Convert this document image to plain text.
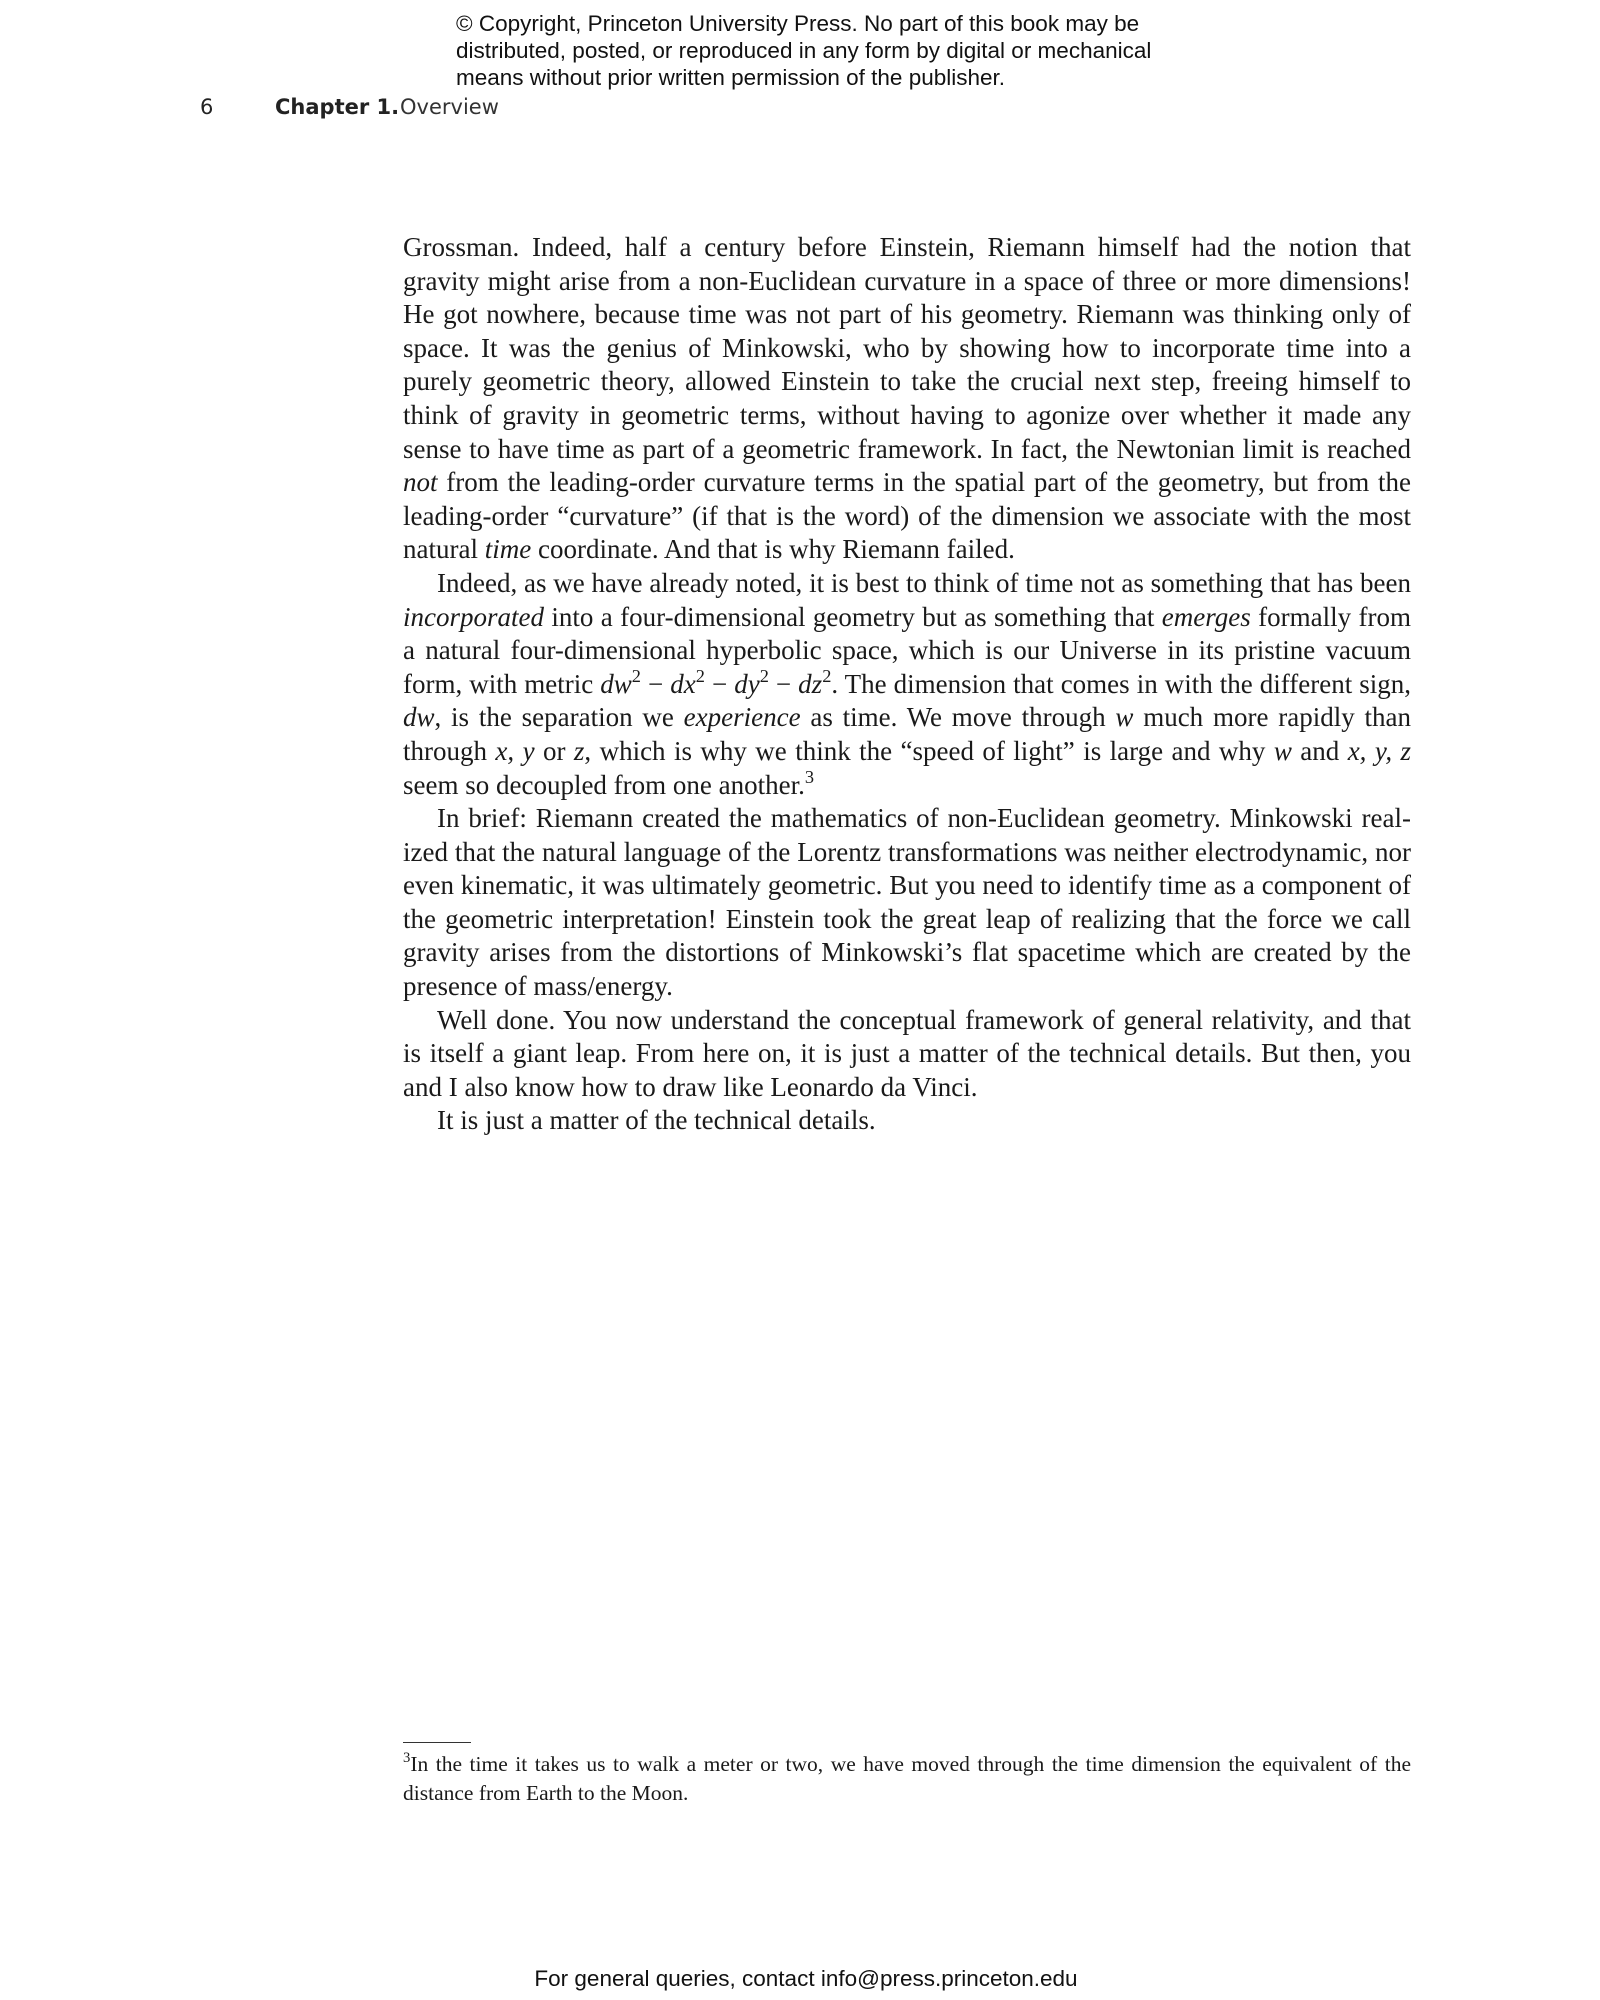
© Copyright, Princeton University Press. No part of this book may be distributed, posted, or reproduced in any form by digital or mechanical means without prior written permission of the publisher.
6	Chapter 1. Overview

Grossman. Indeed, half a century before Einstein, Riemann himself had the notion that gravity might arise from a non-Euclidean curvature in a space of three or more dimensions! He got nowhere, because time was not part of his geometry. Riemann was thinking only of space. It was the genius of Minkowski, who by showing how to incorporate time into a purely geometric theory, allowed Einstein to take the crucial next step, freeing himself to think of gravity in geometric terms, without having to agonize over whether it made any sense to have time as part of a geometric framework. In fact, the Newtonian limit is reached not from the leading-order curvature terms in the spatial part of the geometry, but from the leading-order “curvature” (if that is the word) of the dimension we associate with the most natural time coordinate. And that is why Riemann failed.

Indeed, as we have already noted, it is best to think of time not as something that has been incorporated into a four-dimensional geometry but as something that emerges formally from a natural four-dimensional hyperbolic space, which is our Universe in its pristine vacuum form, with metric $dw^2 - dx^2 - dy^2 - dz^2$. The dimension that comes in with the different sign, dw, is the separation we experience as time. We move through w much more rapidly than through x, y or z, which is why we think the “speed of light” is large and why w and x, y, z seem so decoupled from one another.$^3$

In brief: Riemann created the mathematics of non-Euclidean geometry. Minkowski realized that the natural language of the Lorentz transformations was neither electrodynamic, nor even kinematic, it was ultimately geometric. But you need to identify time as a component of the geometric interpretation! Einstein took the great leap of realizing that the force we call gravity arises from the distortions of Minkowski’s flat spacetime which are created by the presence of mass/energy.

Well done. You now understand the conceptual framework of general relativity, and that is itself a giant leap. From here on, it is just a matter of the technical details. But then, you and I also know how to draw like Leonardo da Vinci.

It is just a matter of the technical details.

$^3$In the time it takes us to walk a meter or two, we have moved through the time dimension the equivalent of the distance from Earth to the Moon.

For general queries, contact info@press.princeton.edu
